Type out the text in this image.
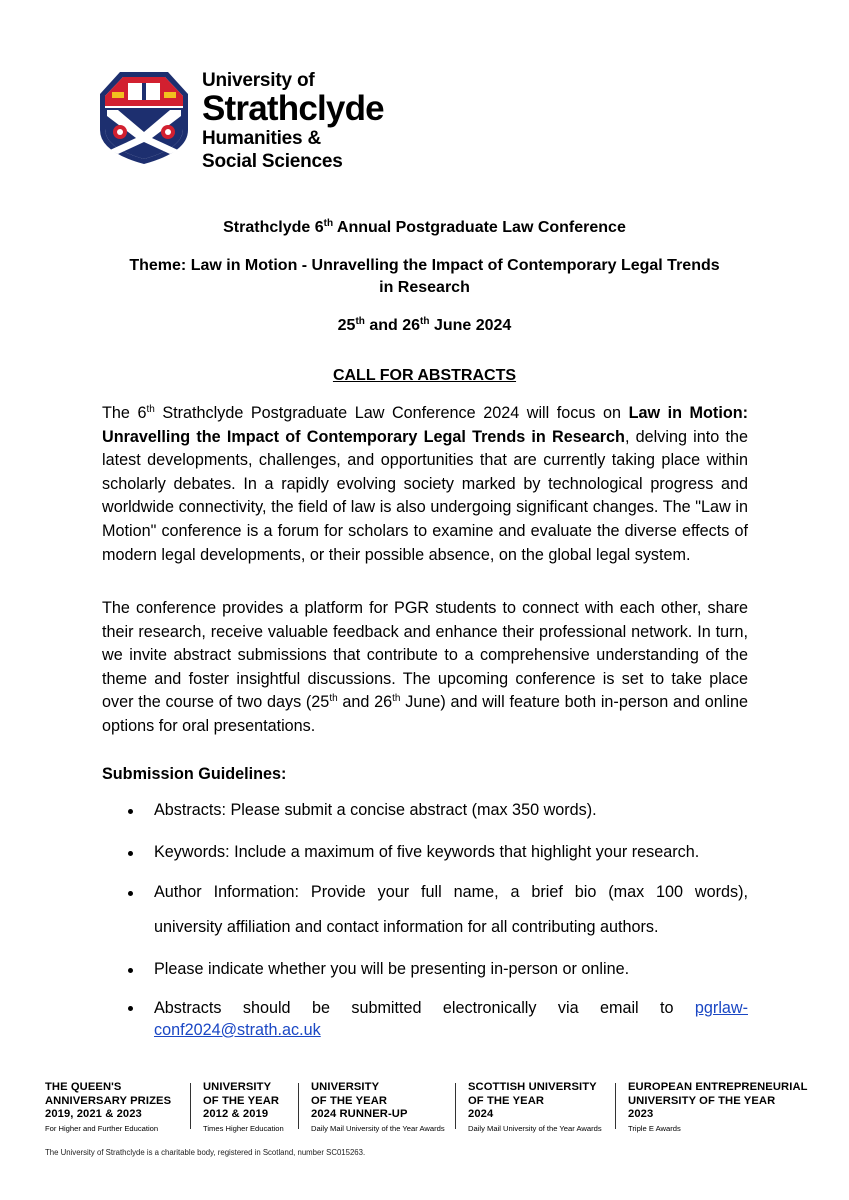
University of
Strathclyde
Humanities &
Social Sciences
Strathclyde 6th Annual Postgraduate Law Conference
Theme: Law in Motion - Unravelling the Impact of Contemporary Legal Trends
in Research
25th and 26th June 2024
CALL FOR ABSTRACTS
The 6th Strathclyde Postgraduate Law Conference 2024 will focus on Law in Motion: Unravelling the Impact of Contemporary Legal Trends in Research, delving into the latest developments, challenges, and opportunities that are currently taking place within scholarly debates. In a rapidly evolving society marked by technological progress and worldwide connectivity, the field of law is also undergoing significant changes. The "Law in Motion" conference is a forum for scholars to examine and evaluate the diverse effects of modern legal developments, or their possible absence, on the global legal system.
The conference provides a platform for PGR students to connect with each other, share their research, receive valuable feedback and enhance their professional network. In turn, we invite abstract submissions that contribute to a comprehensive understanding of the theme and foster insightful discussions. The upcoming conference is set to take place over the course of two days (25th and 26th June) and will feature both in-person and online options for oral presentations.
Submission Guidelines:
Abstracts: Please submit a concise abstract (max 350 words).
Keywords: Include a maximum of five keywords that highlight your research.
Author Information: Provide your full name, a brief bio (max 100 words),
university affiliation and contact information for all contributing authors.
Please indicate whether you will be presenting in-person or online.
Abstracts should be submitted electronically via email to pgrlaw-
conf2024@strath.ac.uk
THE QUEEN'S
ANNIVERSARY PRIZES
2019, 2021 & 2023
For Higher and Further Education
UNIVERSITY
OF THE YEAR
2012 & 2019
Times Higher Education
UNIVERSITY
OF THE YEAR
2024 RUNNER-UP
Daily Mail University of the Year Awards
SCOTTISH UNIVERSITY
OF THE YEAR
2024
Daily Mail University of the Year Awards
EUROPEAN ENTREPRENEURIAL
UNIVERSITY OF THE YEAR
2023
Triple E Awards
The University of Strathclyde is a charitable body, registered in Scotland, number SC015263.
